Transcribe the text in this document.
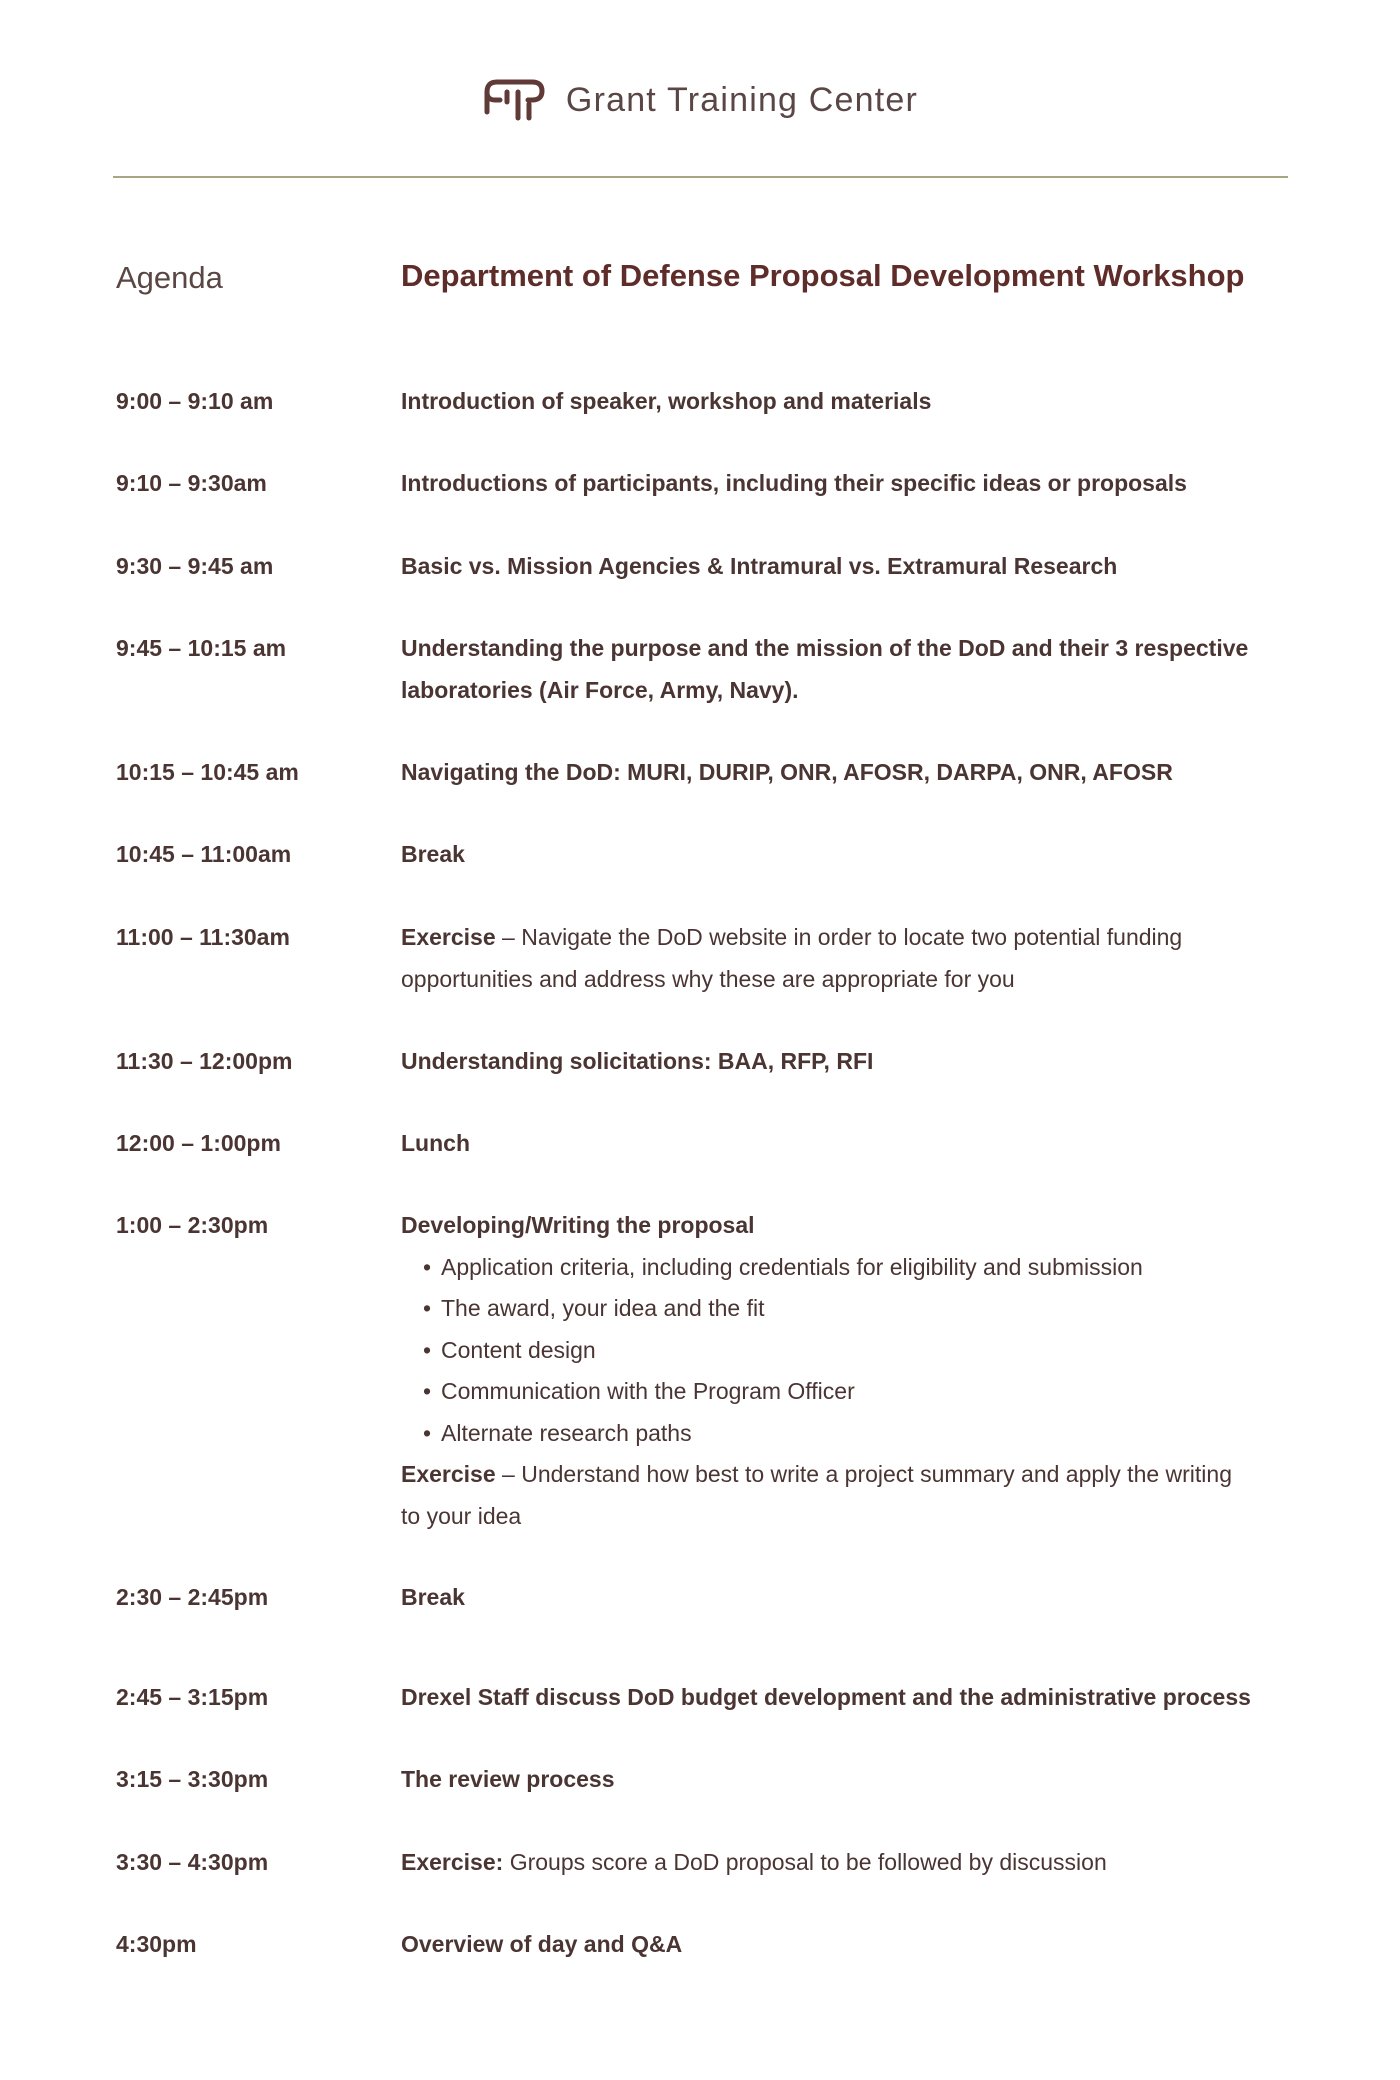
Grant Training Center
Agenda	Department of Defense Proposal Development Workshop
9:00 – 9:10 am	Introduction of speaker, workshop and materials
9:10 – 9:30am	Introductions of participants, including their specific ideas or proposals
9:30 – 9:45 am	Basic vs. Mission Agencies & Intramural vs. Extramural Research
9:45 – 10:15 am	Understanding the purpose and the mission of the DoD and their 3 respective
laboratories (Air Force, Army, Navy).
10:15 – 10:45 am	Navigating the DoD: MURI, DURIP, ONR, AFOSR, DARPA, ONR, AFOSR
10:45 – 11:00am	Break
11:00 – 11:30am	Exercise – Navigate the DoD website in order to locate two potential funding
opportunities and address why these are appropriate for you
11:30 – 12:00pm	Understanding solicitations: BAA, RFP, RFI
12:00 – 1:00pm	Lunch
1:00 – 2:30pm	Developing/Writing the proposal
• Application criteria, including credentials for eligibility and submission
• The award, your idea and the fit
• Content design
• Communication with the Program Officer
• Alternate research paths
Exercise – Understand how best to write a project summary and apply the writing
to your idea
2:30 – 2:45pm	Break
2:45 – 3:15pm	Drexel Staff discuss DoD budget development and the administrative process
3:15 – 3:30pm	The review process
3:30 – 4:30pm	Exercise: Groups score a DoD proposal to be followed by discussion
4:30pm	Overview of day and Q&A
